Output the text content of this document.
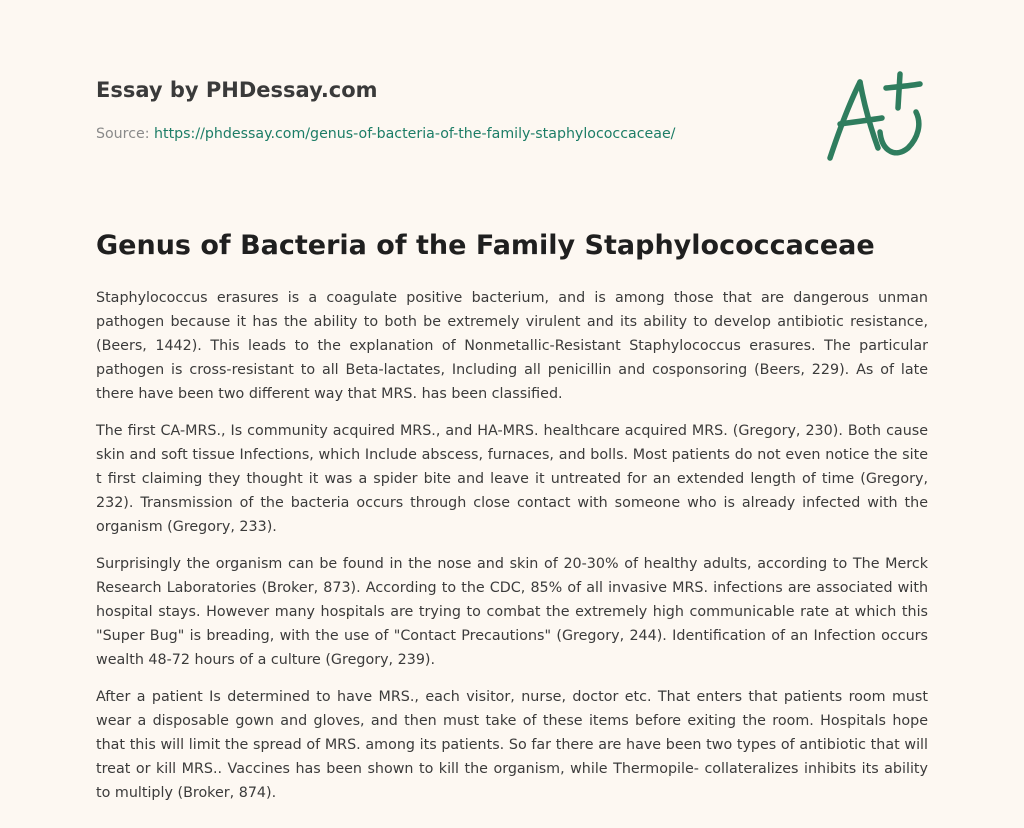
Essay by PHDessay.com
Source: https://phdessay.com/genus-of-bacteria-of-the-family-staphylococcaceae/
Genus of Bacteria of the Family Staphylococcaceae

Staphylococcus erasures is a coagulate positive bacterium, and is among those that are dangerous unman pathogen because it has the ability to both be extremely virulent and its ability to develop antibiotic resistance, (Beers, 1442). This leads to the explanation of Nonmetallic-Resistant Staphylococcus erasures. The particular pathogen is cross-resistant to all Beta-lactates, Including all penicillin and cosponsoring (Beers, 229). As of late there have been two different way that MRS. has been classified.

The first CA-MRS., Is community acquired MRS., and HA-MRS. healthcare acquired MRS. (Gregory, 230). Both cause skin and soft tissue Infections, which Include abscess, furnaces, and bolls. Most patients do not even notice the site t first claiming they thought it was a spider bite and leave it untreated for an extended length of time (Gregory, 232). Transmission of the bacteria occurs through close contact with someone who is already infected with the organism (Gregory, 233).

Surprisingly the organism can be found in the nose and skin of 20-30% of healthy adults, according to The Merck Research Laboratories (Broker, 873). According to the CDC, 85% of all invasive MRS. infections are associated with hospital stays. However many hospitals are trying to combat the extremely high communicable rate at which this "Super Bug" is breading, with the use of "Contact Precautions" (Gregory, 244). Identification of an Infection occurs wealth 48-72 hours of a culture (Gregory, 239).

After a patient Is determined to have MRS., each visitor, nurse, doctor etc. That enters that patients room must wear a disposable gown and gloves, and then must take of these items before exiting the room. Hospitals hope that this will limit the spread of MRS. among its patients. So far there are have been two types of antibiotic that will treat or kill MRS.. Vaccines has been shown to kill the organism, while Thermopile- collateralizes inhibits its ability to multiply (Broker, 874).
